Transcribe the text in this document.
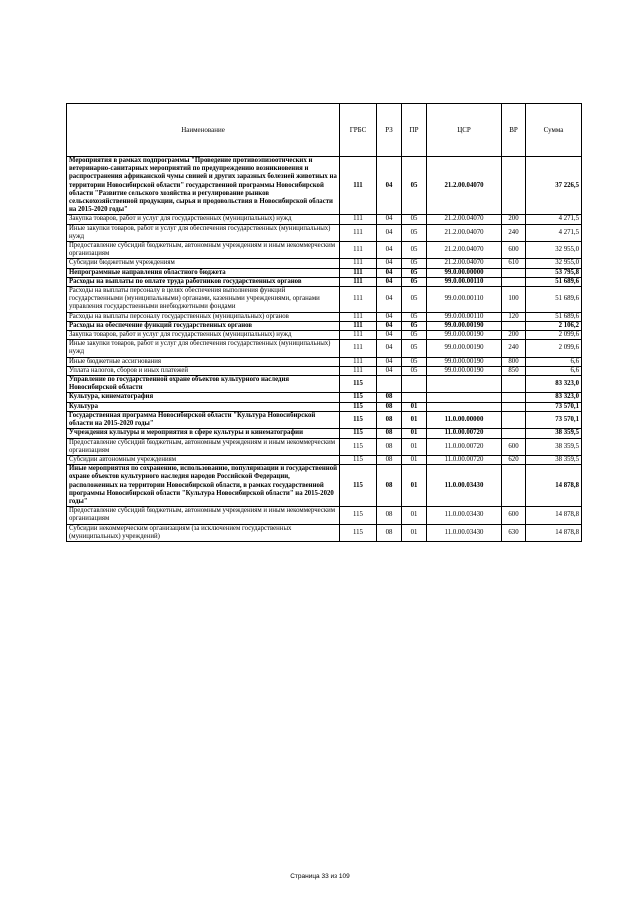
Наименование	ГРБС	РЗ	ПР	ЦСР	ВР	Сумма
Мероприятия в рамках подпрограммы "Проведение противоэпизоотических и ветеринарно-санитарных мероприятий по предупреждению возникновения и распространения африканской чумы свиней и других заразных болезней животных на территории Новосибирской области" государственной программы Новосибирской области "Развитие сельского хозяйства и регулирование рынков сельскохозяйственной продукции, сырья и продовольствия в Новосибирской области на 2015-2020 годы"	111	04	05	21.2.00.04070		37 226,5
Закупка товаров, работ и услуг для государственных (муниципальных) нужд	111	04	05	21.2.00.04070	200	4 271,5
Иные закупки товаров, работ и услуг для обеспечения государственных (муниципальных) нужд	111	04	05	21.2.00.04070	240	4 271,5
Предоставление субсидий бюджетным, автономным учреждениям и иным некоммерческим организациям	111	04	05	21.2.00.04070	600	32 955,0
Субсидии бюджетным учреждениям	111	04	05	21.2.00.04070	610	32 955,0
Непрограммные направления областного бюджета	111	04	05	99.0.00.00000		53 795,8
Расходы на выплаты по оплате труда работников государственных органов	111	04	05	99.0.00.00110		51 689,6
Расходы на выплаты персоналу в целях обеспечения выполнения функций государственными (муниципальными) органами, казенными учреждениями, органами управления государственными внебюджетными фондами	111	04	05	99.0.00.00110	100	51 689,6
Расходы на выплаты персоналу государственных (муниципальных) органов	111	04	05	99.0.00.00110	120	51 689,6
Расходы на обеспечение функций государственных органов	111	04	05	99.0.00.00190		2 106,2
Закупка товаров, работ и услуг для государственных (муниципальных) нужд	111	04	05	99.0.00.00190	200	2 099,6
Иные закупки товаров, работ и услуг для обеспечения государственных (муниципальных) нужд	111	04	05	99.0.00.00190	240	2 099,6
Иные бюджетные ассигнования	111	04	05	99.0.00.00190	800	6,6
Уплата налогов, сборов и иных платежей	111	04	05	99.0.00.00190	850	6,6
Управление по государственной охране объектов культурного наследия Новосибирской области	115					83 323,0
Культура, кинематография	115	08				83 323,0
Культура	115	08	01			73 570,1
Государственная программа Новосибирской области "Культура Новосибирской области на 2015-2020 годы"	115	08	01	11.0.00.00000		73 570,1
Учреждения культуры и мероприятия в сфере культуры и кинематографии	115	08	01	11.0.00.00720		38 359,5
Предоставление субсидий бюджетным, автономным учреждениям и иным некоммерческим организациям	115	08	01	11.0.00.00720	600	38 359,5
Субсидии автономным учреждениям	115	08	01	11.0.00.00720	620	38 359,5
Иные мероприятия по сохранению, использованию, популяризации и государственной охране объектов культурного наследия народов Российской Федерации, расположенных на территории Новосибирской области, в рамках государственной программы Новосибирской области "Культура Новосибирской области" на 2015-2020 годы"	115	08	01	11.0.00.03430		14 878,8
Предоставление субсидий бюджетным, автономным учреждениям и иным некоммерческим организациям	115	08	01	11.0.00.03430	600	14 878,8
Субсидии некоммерческим организациям (за исключением государственных (муниципальных) учреждений)	115	08	01	11.0.00.03430	630	14 878,8
Страница 33 из 109
